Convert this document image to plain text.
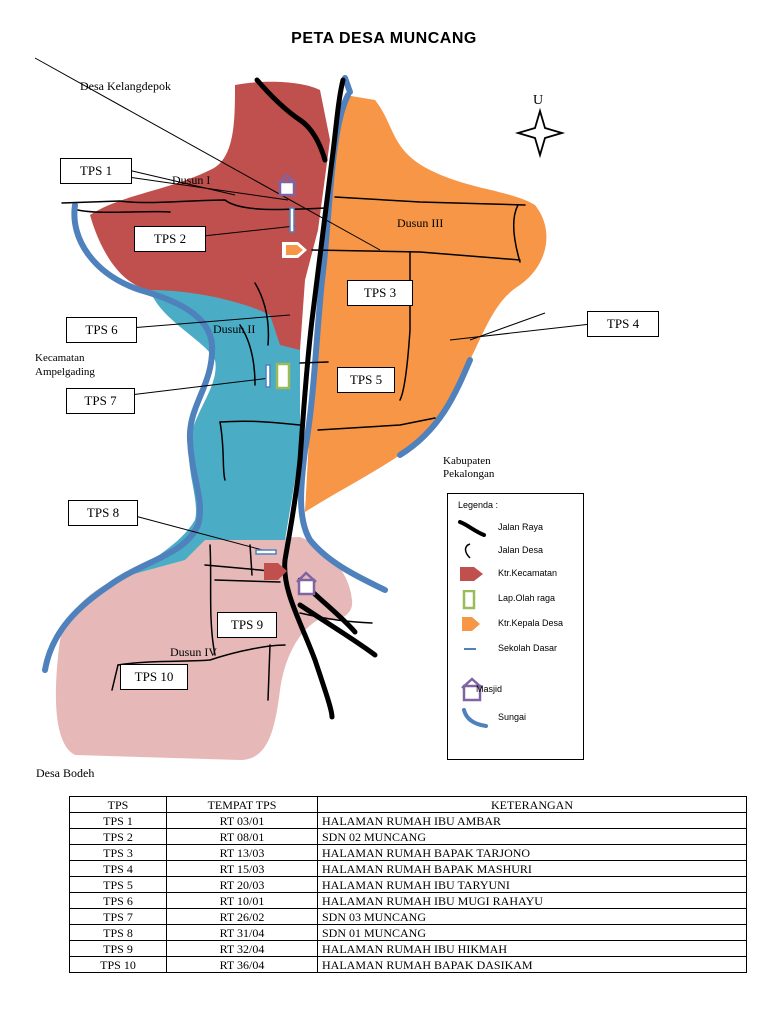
PETA DESA MUNCANG
U
Desa Kelangdepok
Kecamatan
Ampelgading
Kabupaten
Pekalongan
Desa Bodeh
Dusun I
Dusun II
Dusun III
Dusun IV
TPS 1
TPS 2
TPS 3
TPS 4
TPS 5
TPS 6
TPS 7
TPS 8
TPS 9
TPS 10
Legenda :
Jalan Raya
Jalan Desa
Ktr.Kecamatan
Lap.Olah raga
Ktr.Kepala Desa
Sekolah Dasar
Masjid
Sungai
TPS	TEMPAT TPS	KETERANGAN
TPS 1	RT 03/01	HALAMAN RUMAH IBU AMBAR
TPS 2	RT 08/01	SDN 02 MUNCANG
TPS 3	RT 13/03	HALAMAN RUMAH BAPAK TARJONO
TPS 4	RT 15/03	HALAMAN RUMAH BAPAK MASHURI
TPS 5	RT 20/03	HALAMAN RUMAH IBU TARYUNI
TPS 6	RT 10/01	HALAMAN RUMAH IBU MUGI RAHAYU
TPS 7	RT 26/02	SDN 03 MUNCANG
TPS 8	RT 31/04	SDN 01 MUNCANG
TPS 9	RT 32/04	HALAMAN RUMAH IBU HIKMAH
TPS 10	RT 36/04	HALAMAN RUMAH BAPAK DASIKAM
